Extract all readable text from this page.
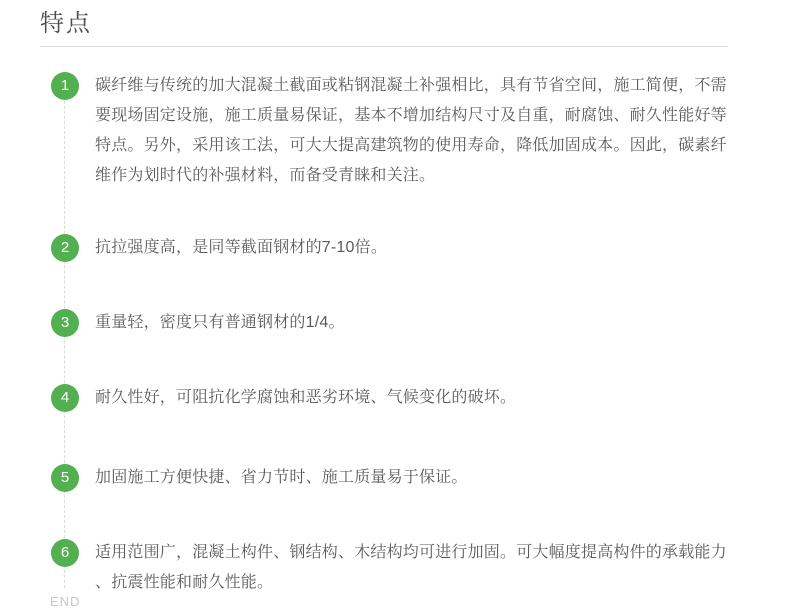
特点
1	碳纤维与传统的加大混凝土截面或粘钢混凝土补强相比，具有节省空间，施工简便，不需要现场固定设施，施工质量易保证，基本不增加结构尺寸及自重，耐腐蚀、耐久性能好等特点。另外，采用该工法，可大大提高建筑物的使用寿命，降低加固成本。因此，碳素纤维作为划时代的补强材料，而备受青睐和关注。
2	抗拉强度高，是同等截面钢材的7-10倍。
3	重量轻，密度只有普通钢材的1/4。
4	耐久性好，可阻抗化学腐蚀和恶劣环境、气候变化的破坏。
5	加固施工方便快捷、省力节时、施工质量易于保证。
6	适用范围广，混凝土构件、钢结构、木结构均可进行加固。可大幅度提高构件的承载能力、抗震性能和耐久性能。
END
